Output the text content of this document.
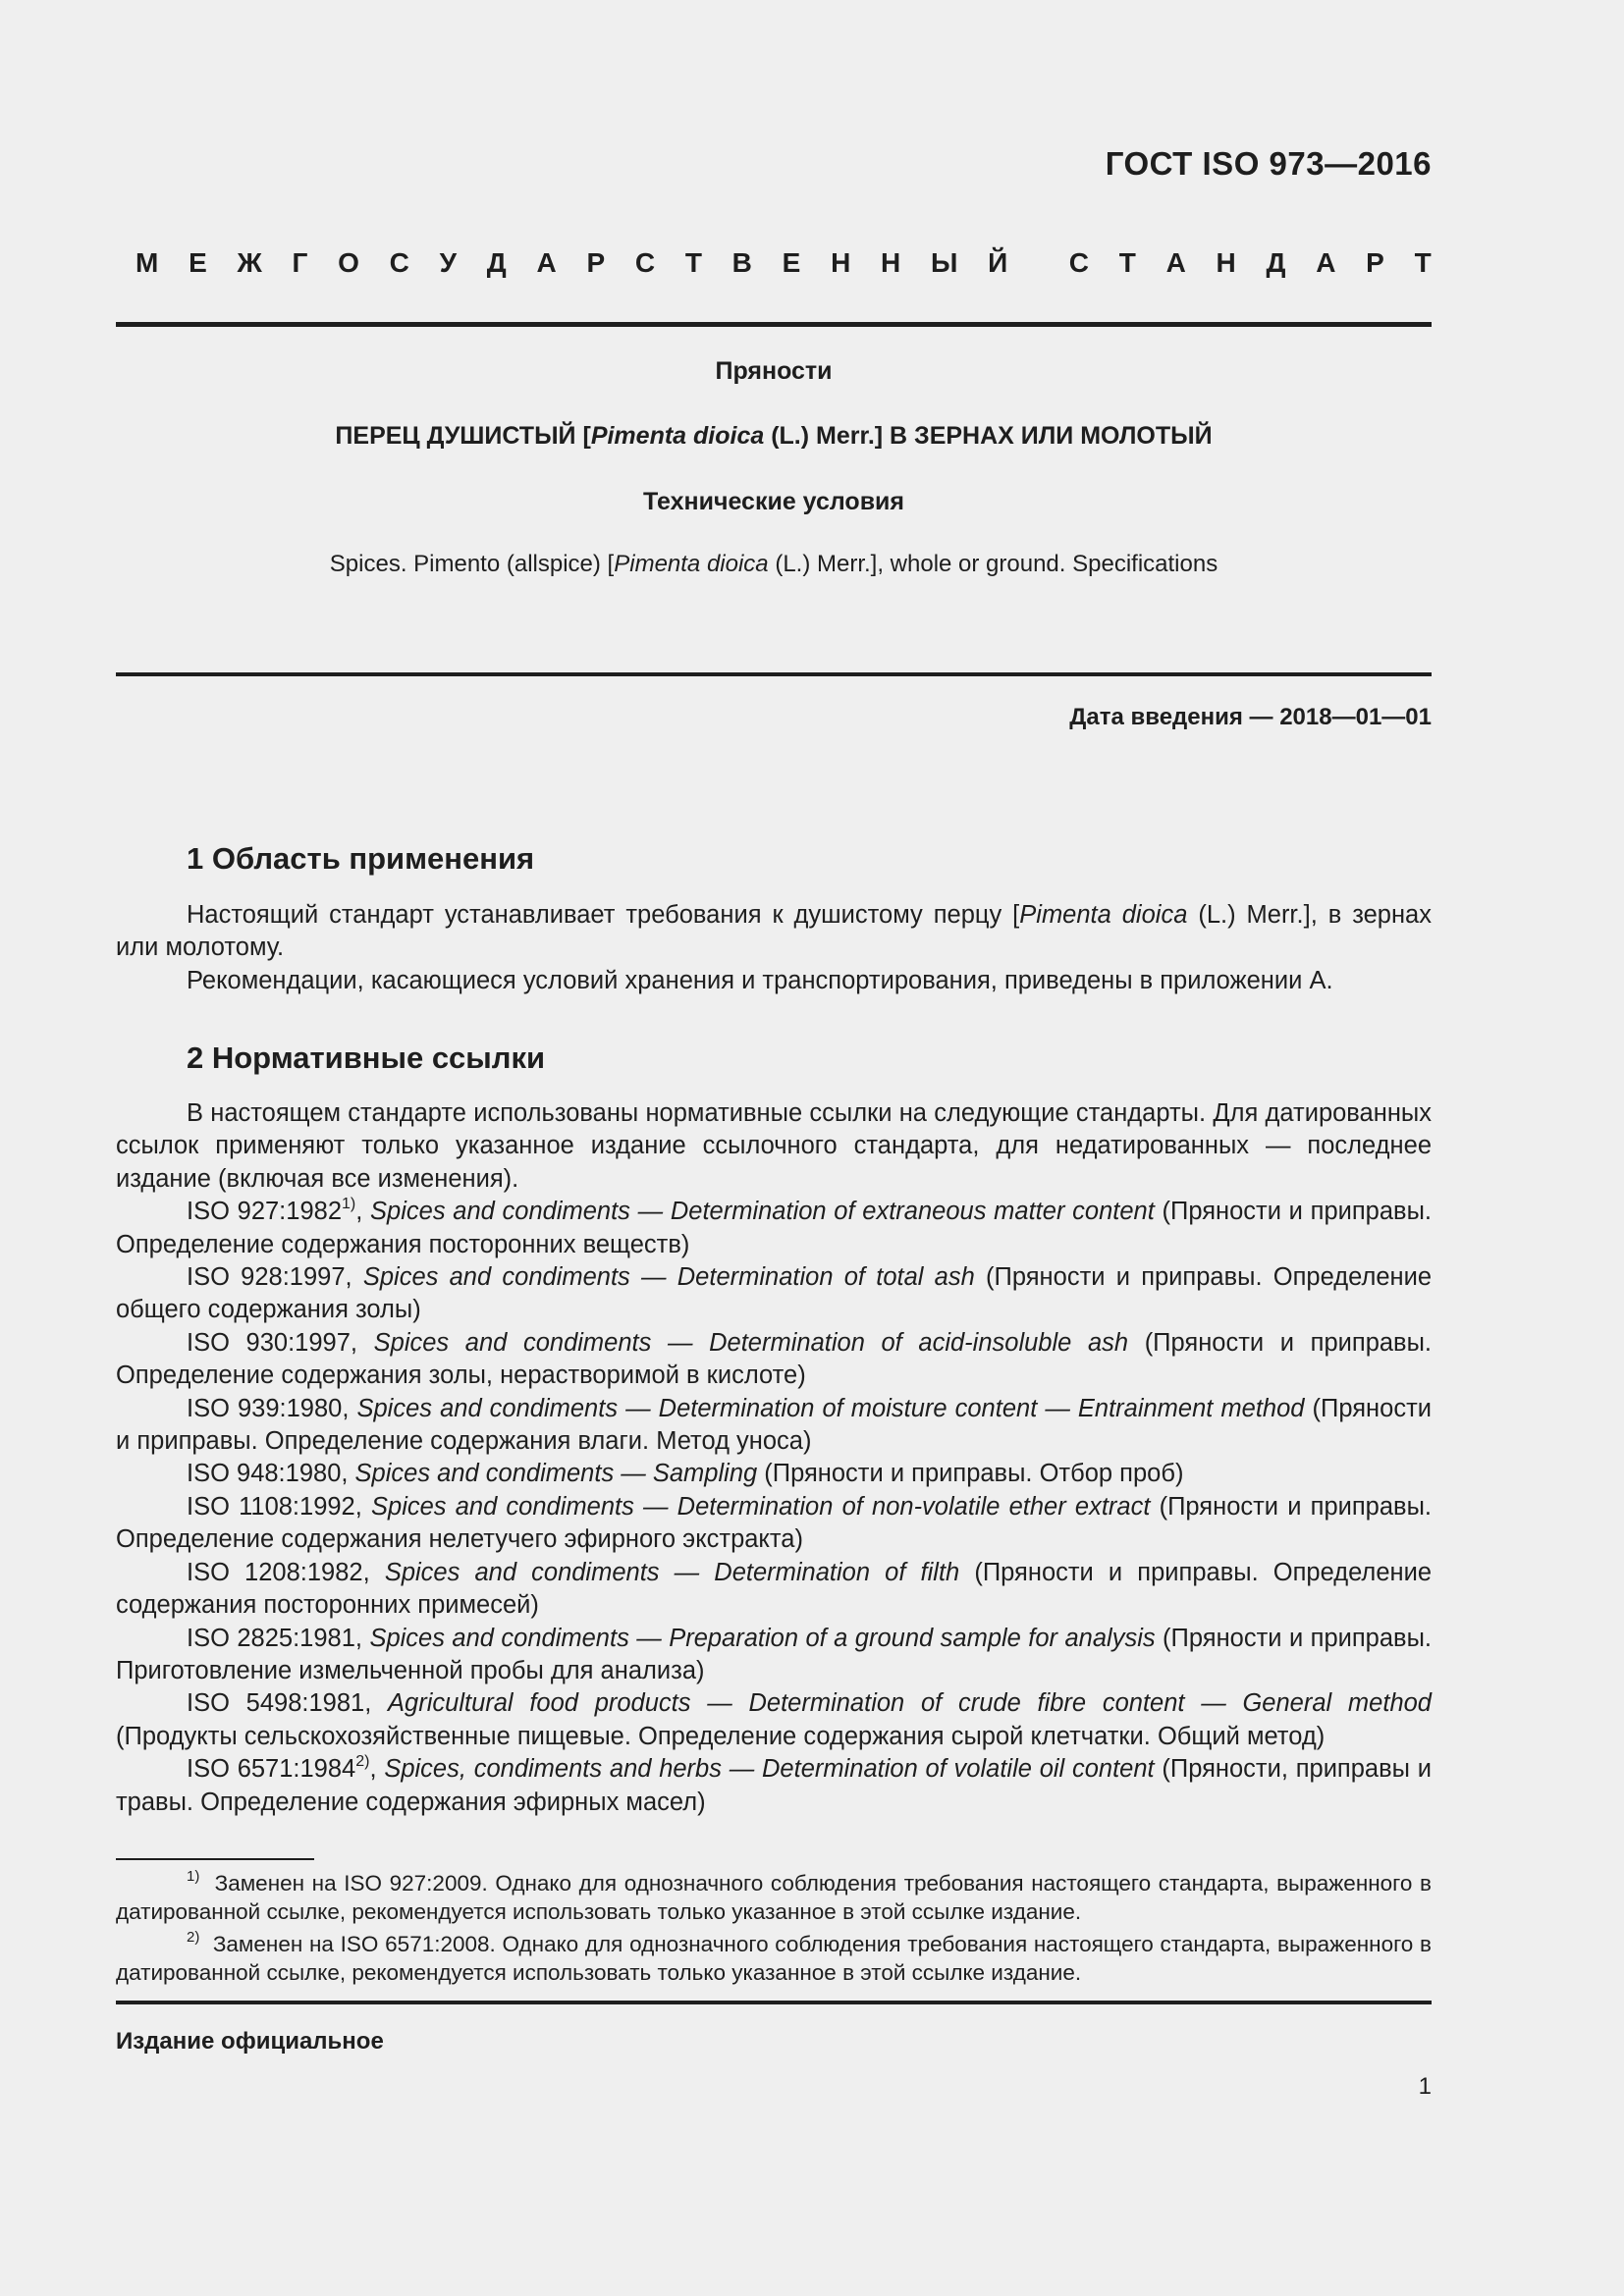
ГОСТ ISO 973—2016
М Е Ж Г О С У Д А Р С Т В Е Н Н Ы Й С Т А Н Д А Р Т
Пряности
ПЕРЕЦ ДУШИСТЫЙ [Pimenta dioica (L.) Merr.] В ЗЕРНАХ ИЛИ МОЛОТЫЙ
Технические условия
Spices. Pimento (allspice) [Pimenta dioica (L.) Merr.], whole or ground. Specifications
Дата введения — 2018—01—01
1 Область применения

Настоящий стандарт устанавливает требования к душистому перцу [Pimenta dioica (L.) Merr.], в зернах или молотому.

Рекомендации, касающиеся условий хранения и транспортирования, приведены в приложении А.

2 Нормативные ссылки

В настоящем стандарте использованы нормативные ссылки на следующие стандарты. Для датированных ссылок применяют только указанное издание ссылочного стандарта, для недатированных — последнее издание (включая все изменения).

ISO 927:1982$^{1)}$, Spices and condiments — Determination of extraneous matter content (Пряности и приправы. Определение содержания посторонних веществ)

ISO 928:1997, Spices and condiments — Determination of total ash (Пряности и приправы. Определение общего содержания золы)

ISO 930:1997, Spices and condiments — Determination of acid-insoluble ash (Пряности и приправы. Определение содержания золы, нерастворимой в кислоте)

ISO 939:1980, Spices and condiments — Determination of moisture content — Entrainment method (Пряности и приправы. Определение содержания влаги. Метод уноса)

ISO 948:1980, Spices and condiments — Sampling (Пряности и приправы. Отбор проб)

ISO 1108:1992, Spices and condiments — Determination of non-volatile ether extract (Пряности и приправы. Определение содержания нелетучего эфирного экстракта)

ISO 1208:1982, Spices and condiments — Determination of filth (Пряности и приправы. Определение содержания посторонних примесей)

ISO 2825:1981, Spices and condiments — Preparation of a ground sample for analysis (Пряности и приправы. Приготовление измельченной пробы для анализа)

ISO 5498:1981, Agricultural food products — Determination of crude fibre content — General method (Продукты сельскохозяйственные пищевые. Определение содержания сырой клетчатки. Общий метод)

ISO 6571:1984$^{2)}$, Spices, condiments and herbs — Determination of volatile oil content (Пряности, приправы и травы. Определение содержания эфирных масел)

$^{1)}$ Заменен на ISO 927:2009. Однако для однозначного соблюдения требования настоящего стандарта, выраженного в датированной ссылке, рекомендуется использовать только указанное в этой ссылке издание.

$^{2)}$ Заменен на ISO 6571:2008. Однако для однозначного соблюдения требования настоящего стандарта, выраженного в датированной ссылке, рекомендуется использовать только указанное в этой ссылке издание.

Издание официальное
1
